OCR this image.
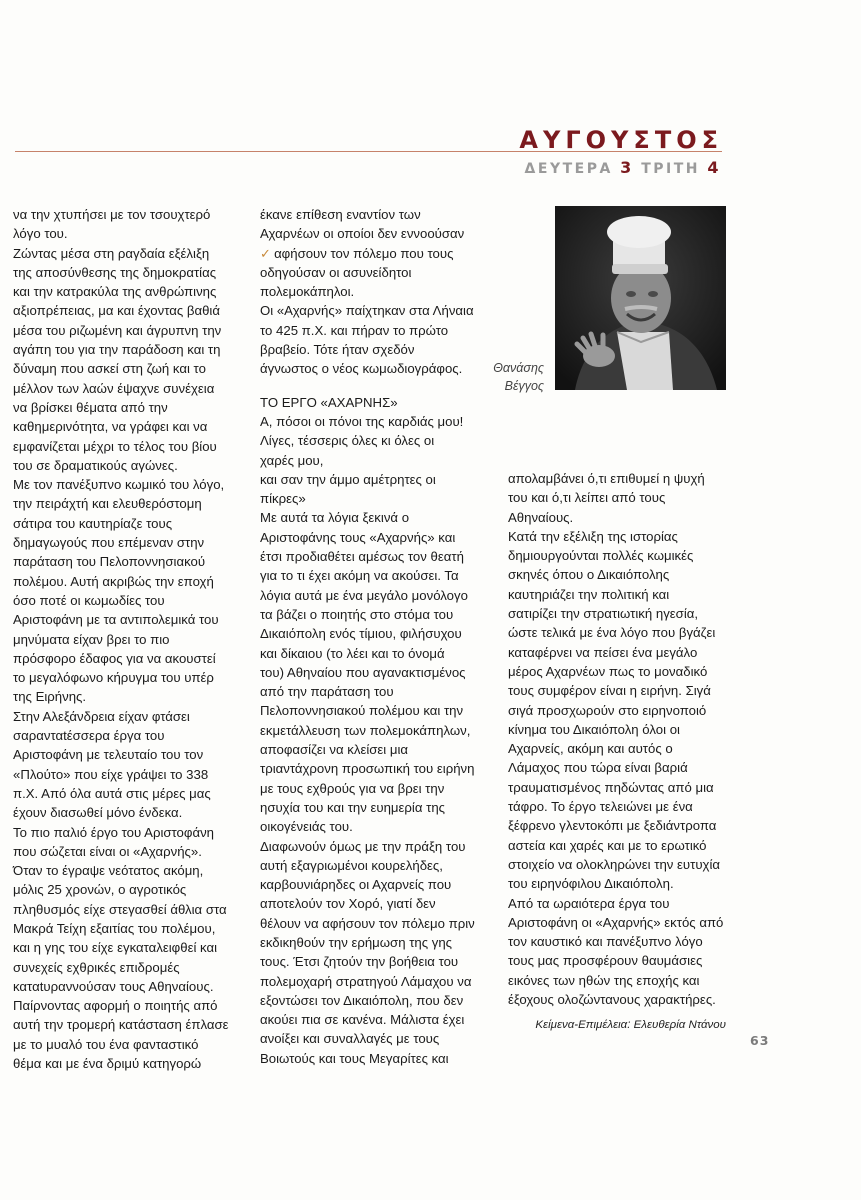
ΑΥΓΟΥΣΤΟΣ
ΔΕΥΤΕΡΑ 3 ΤΡΙΤΗ 4

να την χτυπήσει με τον τσουχτερό

λόγο του.

Ζώντας μέσα στη ραγδαία εξέλιξη

της αποσύνθεσης της δημοκρατίας

και την κατρακύλα της ανθρώπινης

αξιοπρέπειας, μα και έχοντας βαθιά

μέσα του ριζωμένη και άγρυπνη την

αγάπη του για την παράδοση και τη

δύναμη που ασκεί στη ζωή και το

μέλλον των λαών έψαχνε συνέχεια

να βρίσκει θέματα από την

καθημερινότητα, να γράφει και να

εμφανίζεται μέχρι το τέλος του βίου

του σε δραματικούς αγώνες.

Με τον πανέξυπνο κωμικό του λόγο,

την πειράχτή και ελευθερόστομη

σάτιρα του καυτηρίαζε τους

δημαγωγούς που επέμεναν στην

παράταση του Πελοποννησιακού

πολέμου. Αυτή ακριβώς την εποχή

όσο ποτέ οι κωμωδίες του

Αριστοφάνη με τα αντιπολεμικά του

μηνύματα είχαν βρει το πιο

πρόσφορο έδαφος για να ακουστεί

το μεγαλόφωνο κήρυγμα του υπέρ

της Ειρήνης.

Στην Αλεξάνδρεια είχαν φτάσει

σαρανταtέσσερα έργα του

Αριστοφάνη με τελευταίο του τον

«Πλούτο» που είχε γράψει το 338

π.Χ. Από όλα αυτά στις μέρες μας

έχουν διασωθεί μόνο ένδεκα.

Το πιο παλιό έργο του Αριστοφάνη

που σώζεται είναι οι «Αχαρνής».

Όταν το έγραψε νεότατος ακόμη,

μόλις 25 χρονών, ο αγροτικός

πληθυσμός είχε στεγασθεί άθλια στα

Μακρά Τείχη εξαιτίας του πολέμου,

και η γης του είχε εγκαταλειφθεί και

συνεχείς εχθρικές επιδρομές

καταtυραννούσαν τους Αθηναίους.

Παίρνοντας αφορμή ο ποιητής από

αυτή την τρομερή κατάσταση έπλασε

με το μυαλό του ένα φανταστικό

θέμα και με ένα δριμύ κατηγορώ

έκανε επίθεση εναντίον των

Αχαρνέων οι οποίοι δεν εννοούσαν

✓ αφήσουν τον πόλεμο που τους

οδηγούσαν οι ασυνείδητοι

πολεμοκάπηλοι.

Οι «Αχαρνής» παίχτηκαν στα Λήναια

το 425 π.Χ. και πήραν το πρώτο

βραβείο. Τότε ήταν σχεδόν

άγνωστος ο νέος κωμωδιογράφος.

ΤΟ ΕΡΓΟ «ΑΧΑΡΝΗΣ»

Α, πόσοι οι πόνοι της καρδιάς μου!

Λίγες, τέσσερις όλες κι όλες οι

χαρές μου,

και σαν την άμμο αμέτρητες οι

πίκρες»

Με αυτά τα λόγια ξεκινά ο

Αριστοφάνης τους «Αχαρνής» και

έτσι προδιαθέτει αμέσως τον θεατή

για το τι έχει ακόμη να ακούσει. Τα

λόγια αυτά με ένα μεγάλο μονόλογο

τα βάζει ο ποιητής στο στόμα του

Δικαιόπολη ενός τίμιου, φιλήσυχου

και δίκαιου (το λέει και το όνομά

του) Αθηναίου που αγανακτισμένος

από την παράταση του

Πελοποννησιακού πολέμου και την

εκμετάλλευση των πολεμοκάπηλων,

αποφασίζει να κλείσει μια

τριαντάχρονη προσωπική του ειρήνη

με τους εχθρούς για να βρει την

ησυχία του και την ευημερία της

οικογένειάς του.

Διαφωνούν όμως με την πράξη του

αυτή εξαγριωμένοι κουρελήδες,

καρβουνιάρηδες οι Αχαρνείς που

αποτελούν τον Χορό, γιατί δεν

θέλουν να αφήσουν τον πόλεμο πριν

εκδικηθούν την ερήμωση της γης

τους. Έτσι ζητούν την βοήθεια του

πολεμοχαρή στρατηγού Λάμαχου να

εξοντώσει τον Δικαιόπολη, που δεν

ακούει πια σε κανένα. Μάλιστα έχει

ανοίξει και συναλλαγές με τους

Βοιωτούς και τους Μεγαρίτες και

Θανάσης
Βέγγος

απολαμβάνει ό,τι επιθυμεί η ψυχή

του και ό,τι λείπει από τους

Αθηναίους.

Κατά την εξέλιξη της ιστορίας

δημιουργούνται πολλές κωμικές

σκηνές όπου ο Δικαιόπολης

καυτηριάζει την πολιτική και

σατιρίζει την στρατιωτική ηγεσία,

ώστε τελικά με ένα λόγο που βγάζει

καταφέρνει να πείσει ένα μεγάλο

μέρος Αχαρνέων πως το μοναδικό

τους συμφέρον είναι η ειρήνη. Σιγά

σιγά προσχωρούν στο ειρηνοποιό

κίνημα του Δικαιόπολη όλοι οι

Αχαρνείς, ακόμη και αυτός ο

Λάμαχος που τώρα είναι βαριά

τραυματισμένος πηδώντας από μια

τάφρο. Το έργο τελειώνει με ένα

ξέφρενο γλεντοκόπι με ξεδιάντροπα

αστεία και χαρές και με το ερωτικό

στοιχείο να ολοκληρώνει την ευτυχία

του ειρηνόφιλου Δικαιόπολη.

Από τα ωραιότερα έργα του

Αριστοφάνη οι «Αχαρνής» εκτός από

τον καυστικό και πανέξυπνο λόγο

τους μας προσφέρουν θαυμάσιες

εικόνες των ηθών της εποχής και

έξοχους ολοζώντανους χαρακτήρες.

Κείμενα-Επιμέλεια: Ελευθερία Ντάνου
63
